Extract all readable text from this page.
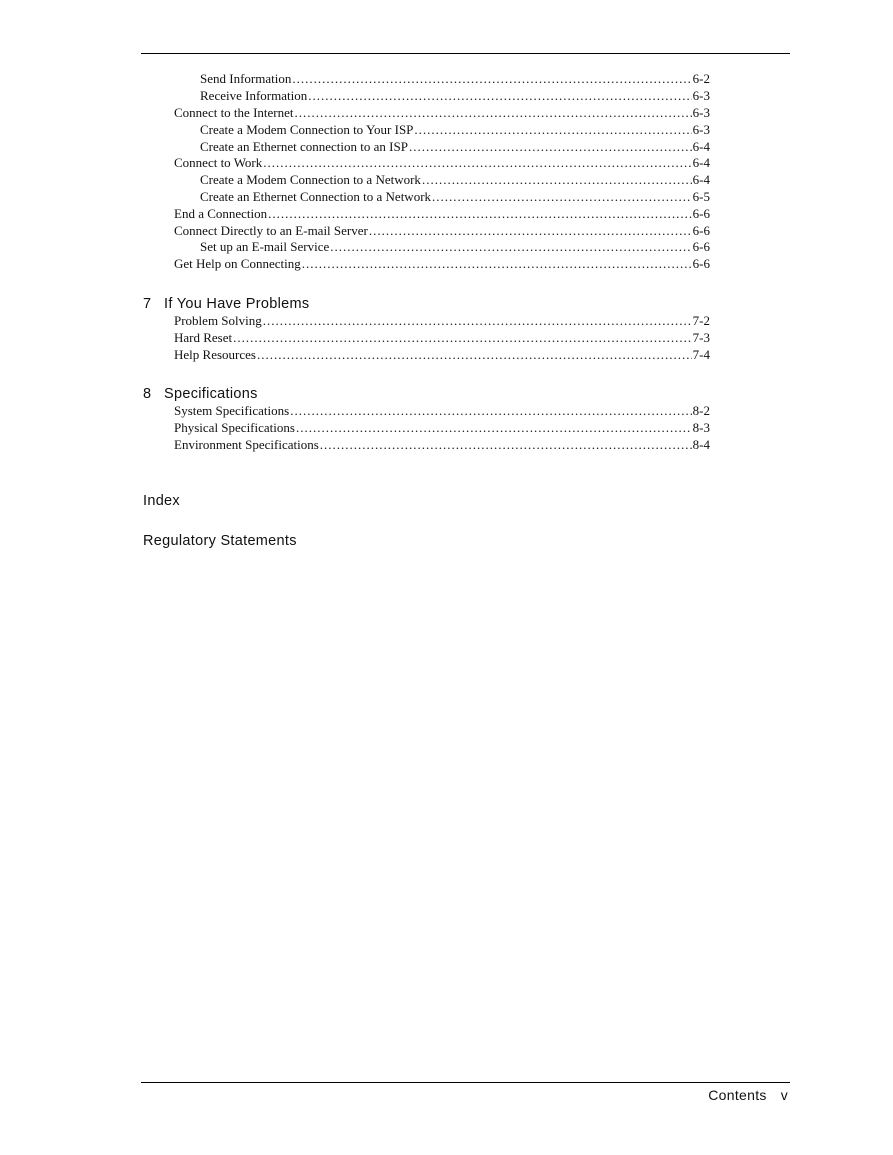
Send Information .....	6-2
Receive Information .....	6-3
Connect to the Internet .....	6-3
Create a Modem Connection to Your ISP .....	6-3
Create an Ethernet connection to an ISP .....	6-4
Connect to Work .....	6-4
Create a Modem Connection to a Network .....	6-4
Create an Ethernet Connection to a Network .....	6-5
End a Connection .....	6-6
Connect Directly to an E-mail Server .....	6-6
Set up an E-mail Service .....	6-6
Get Help on Connecting .....	6-6
7 If You Have Problems
Problem Solving .....	7-2
Hard Reset .....	7-3
Help Resources .....	7-4
8 Specifications
System Specifications .....	8-2
Physical Specifications .....	8-3
Environment Specifications .....	8-4
Index
Regulatory Statements
Contents v
